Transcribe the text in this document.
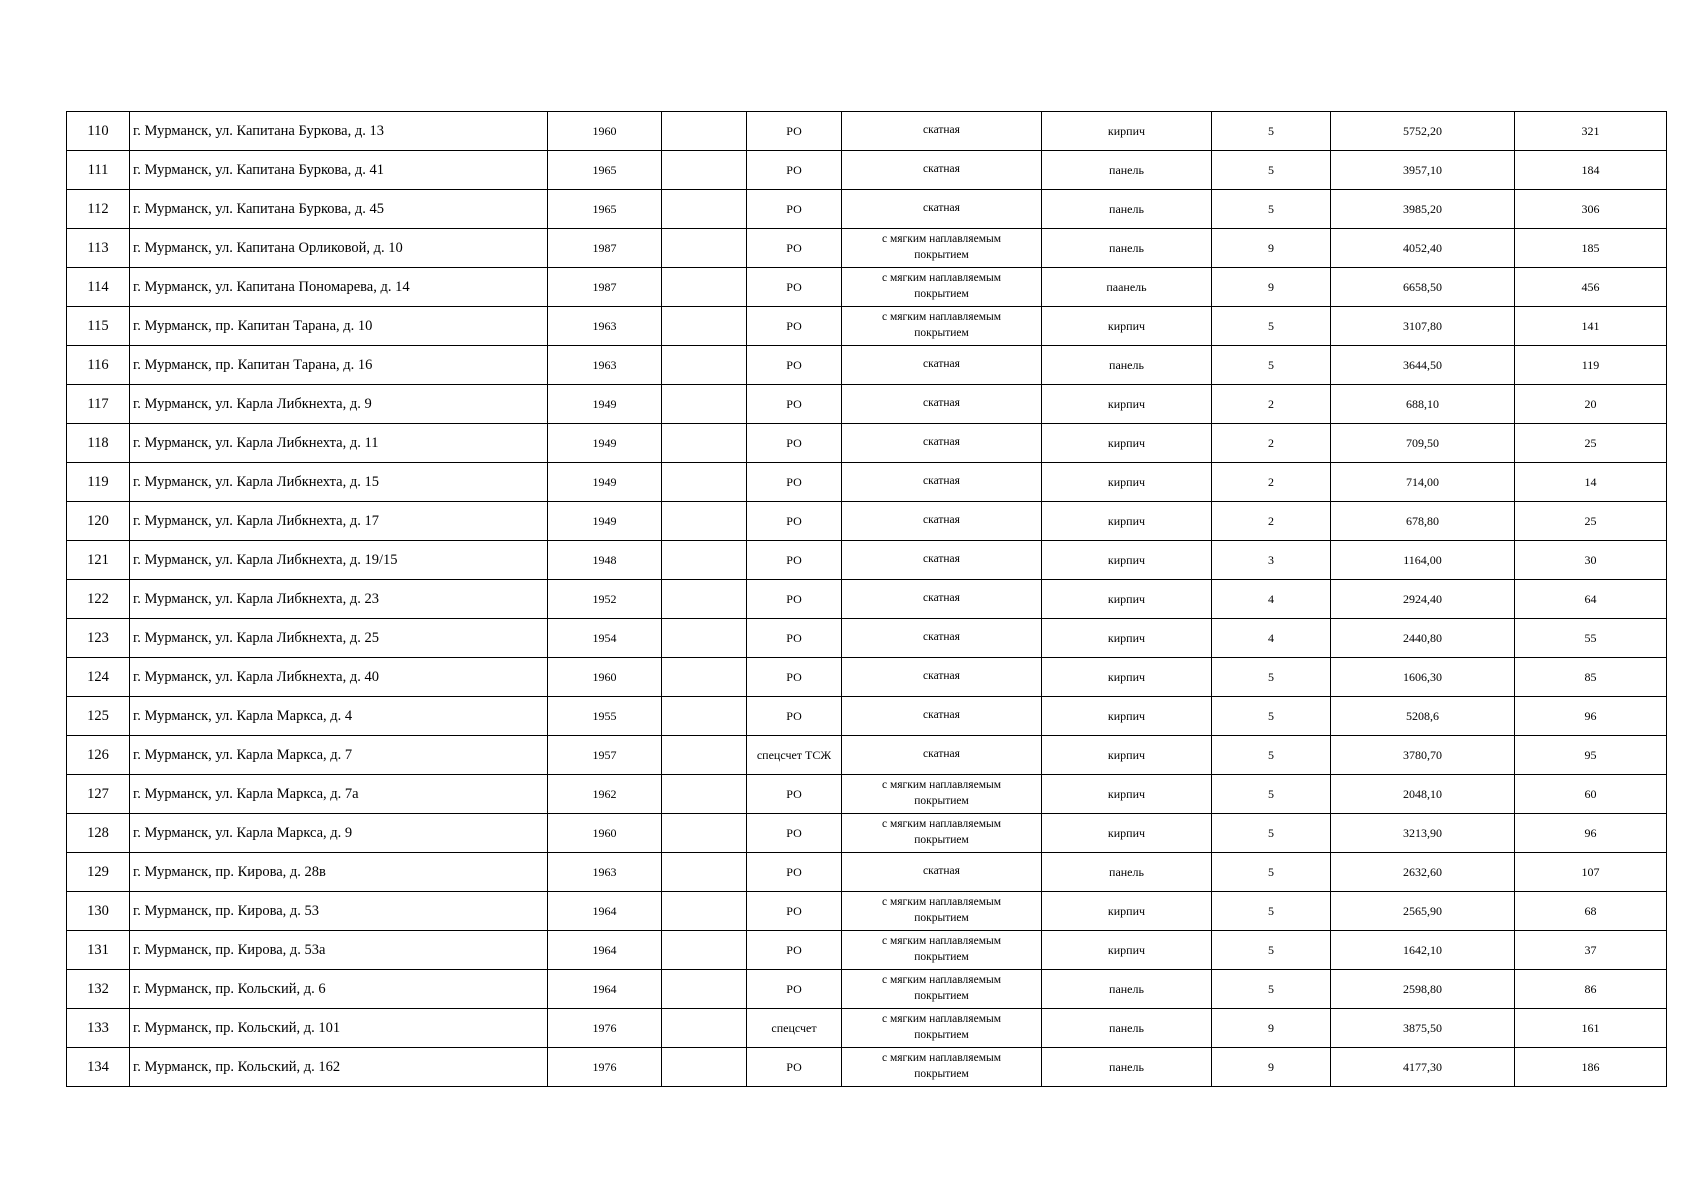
110	г. Мурманск, ул. Капитана Буркова, д. 13	1960		РО	скатная	кирпич	5	5752,20	321
111	г. Мурманск, ул. Капитана Буркова, д. 41	1965		РО	скатная	панель	5	3957,10	184
112	г. Мурманск, ул. Капитана Буркова, д. 45	1965		РО	скатная	панель	5	3985,20	306
113	г. Мурманск, ул. Капитана Орликовой, д. 10	1987		РО	с мягким наплавляемым
покрытием	панель	9	4052,40	185
114	г. Мурманск, ул. Капитана Пономарева, д. 14	1987		РО	с мягким наплавляемым
покрытием	паанель	9	6658,50	456
115	г. Мурманск, пр. Капитан Тарана, д. 10	1963		РО	с мягким наплавляемым
покрытием	кирпич	5	3107,80	141
116	г. Мурманск, пр. Капитан Тарана, д. 16	1963		РО	скатная	панель	5	3644,50	119
117	г. Мурманск, ул. Карла Либкнехта, д. 9	1949		РО	скатная	кирпич	2	688,10	20
118	г. Мурманск, ул. Карла Либкнехта, д. 11	1949		РО	скатная	кирпич	2	709,50	25
119	г. Мурманск, ул. Карла Либкнехта, д. 15	1949		РО	скатная	кирпич	2	714,00	14
120	г. Мурманск, ул. Карла Либкнехта, д. 17	1949		РО	скатная	кирпич	2	678,80	25
121	г. Мурманск, ул. Карла Либкнехта, д. 19/15	1948		РО	скатная	кирпич	3	1164,00	30
122	г. Мурманск, ул. Карла Либкнехта, д. 23	1952		РО	скатная	кирпич	4	2924,40	64
123	г. Мурманск, ул. Карла Либкнехта, д. 25	1954		РО	скатная	кирпич	4	2440,80	55
124	г. Мурманск, ул. Карла Либкнехта, д. 40	1960		РО	скатная	кирпич	5	1606,30	85
125	г. Мурманск, ул. Карла Маркса, д. 4	1955		РО	скатная	кирпич	5	5208,6	96
126	г. Мурманск, ул. Карла Маркса, д. 7	1957		спецсчет ТСЖ	скатная	кирпич	5	3780,70	95
127	г. Мурманск, ул. Карла Маркса, д. 7а	1962		РО	с мягким наплавляемым
покрытием	кирпич	5	2048,10	60
128	г. Мурманск, ул. Карла Маркса, д. 9	1960		РО	с мягким наплавляемым
покрытием	кирпич	5	3213,90	96
129	г. Мурманск, пр. Кирова, д. 28в	1963		РО	скатная	панель	5	2632,60	107
130	г. Мурманск, пр. Кирова, д. 53	1964		РО	с мягким наплавляемым
покрытием	кирпич	5	2565,90	68
131	г. Мурманск, пр. Кирова, д. 53а	1964		РО	с мягким наплавляемым
покрытием	кирпич	5	1642,10	37
132	г. Мурманск, пр. Кольский, д. 6	1964		РО	с мягким наплавляемым
покрытием	панель	5	2598,80	86
133	г. Мурманск, пр. Кольский, д. 101	1976		спецсчет	с мягким наплавляемым
покрытием	панель	9	3875,50	161
134	г. Мурманск, пр. Кольский, д. 162	1976		РО	с мягким наплавляемым
покрытием	панель	9	4177,30	186
